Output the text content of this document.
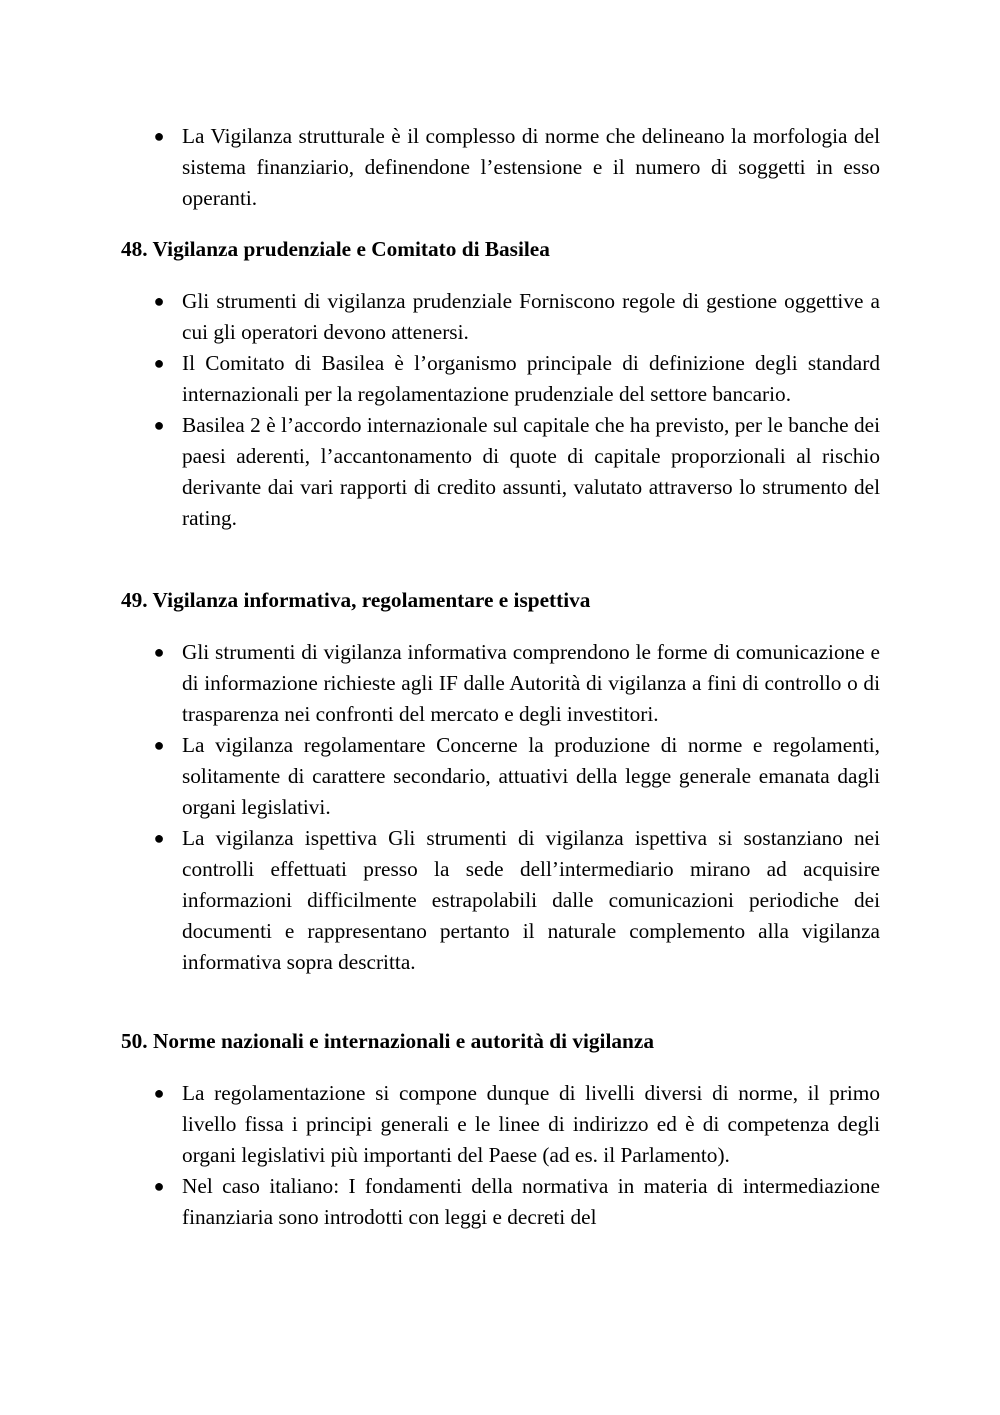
● La Vigilanza strutturale è il complesso di norme che delineano la morfologia del sistema finanziario, definendone l’estensione e il numero di soggetti in esso operanti.
48. Vigilanza prudenziale e Comitato di Basilea
● Gli strumenti di vigilanza prudenziale Forniscono regole di gestione oggettive a cui gli operatori devono attenersi.
● Il Comitato di Basilea è l’organismo principale di definizione degli standard internazionali per la regolamentazione prudenziale del settore bancario.
● Basilea 2 è l’accordo internazionale sul capitale che ha previsto, per le banche dei paesi aderenti, l’accantonamento di quote di capitale proporzionali al rischio derivante dai vari rapporti di credito assunti, valutato attraverso lo strumento del rating.
49. Vigilanza informativa, regolamentare e ispettiva
● Gli strumenti di vigilanza informativa comprendono le forme di comunicazione e di informazione richieste agli IF dalle Autorità di vigilanza a fini di controllo o di trasparenza nei confronti del mercato e degli investitori.
● La vigilanza regolamentare Concerne la produzione di norme e regolamenti, solitamente di carattere secondario, attuativi della legge generale emanata dagli organi legislativi.
● La vigilanza ispettiva Gli strumenti di vigilanza ispettiva si sostanziano nei controlli effettuati presso la sede dell’intermediario mirano ad acquisire informazioni difficilmente estrapolabili dalle comunicazioni periodiche dei documenti e rappresentano pertanto il naturale complemento alla vigilanza informativa sopra descritta.
50. Norme nazionali e internazionali e autorità di vigilanza
● La regolamentazione si compone dunque di livelli diversi di norme, il primo livello fissa i principi generali e le linee di indirizzo ed è di competenza degli organi legislativi più importanti del Paese (ad es. il Parlamento).
● Nel caso italiano: I fondamenti della normativa in materia di intermediazione finanziaria sono introdotti con leggi e decreti del
